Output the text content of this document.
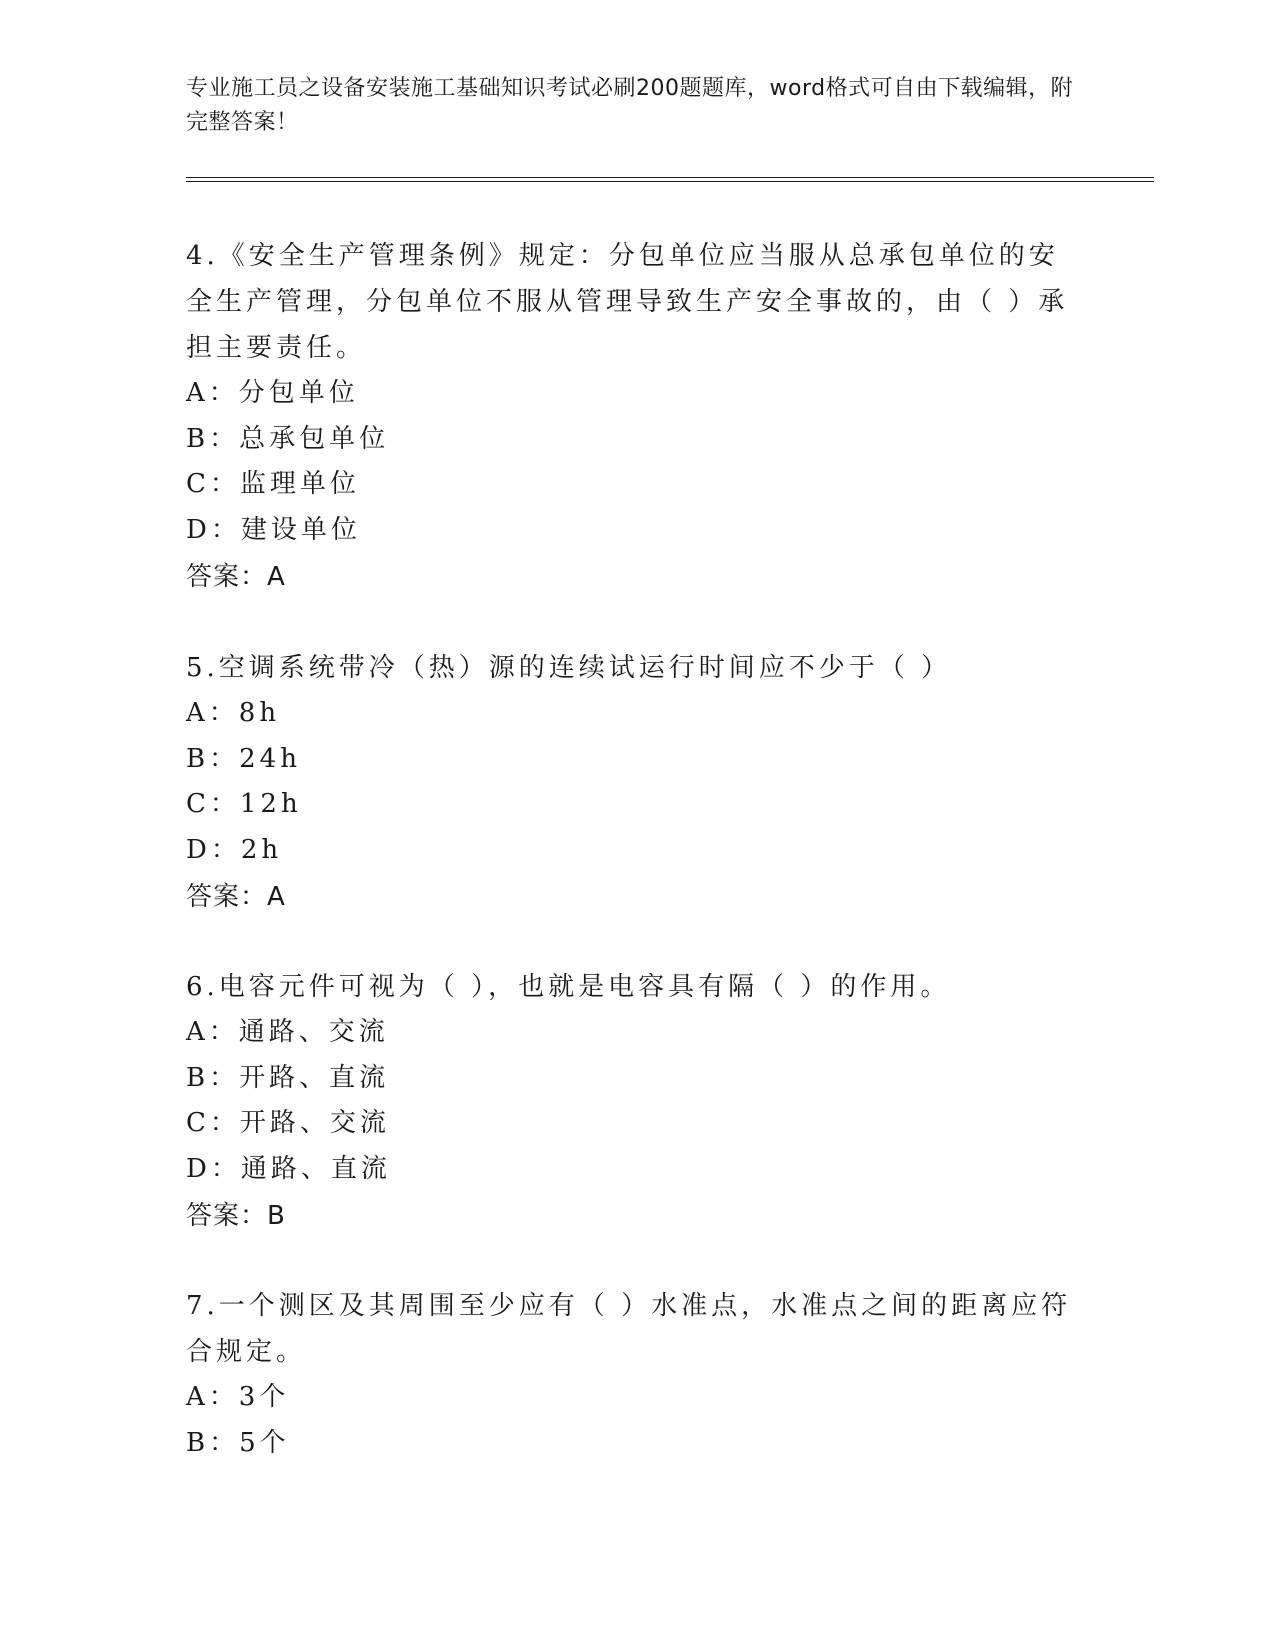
专业施工员之设备安装施工基础知识考试必刷200题题库，word格式可自由下载编辑，附完整答案！

4.《安全生产管理条例》规定：分包单位应当服从总承包单位的安全生产管理，分包单位不服从管理导致生产安全事故的，由（ ）承担主要责任。

A：分包单位

B：总承包单位

C：监理单位

D：建设单位

答案：A

5.空调系统带冷（热）源的连续试运行时间应不少于（ ）

A：8h

B：24h

C：12h

D：2h

答案：A

6.电容元件可视为（ ），也就是电容具有隔（ ）的作用。

A：通路、交流

B：开路、直流

C：开路、交流

D：通路、直流

答案：B

7.一个测区及其周围至少应有（ ）水准点，水准点之间的距离应符合规定。

A：3个

B：5个
